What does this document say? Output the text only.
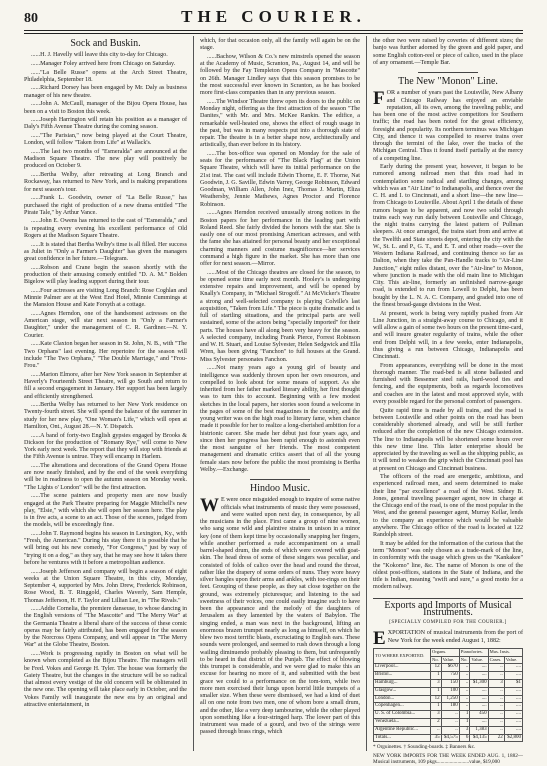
80	THE COURIER.
Sock and Buskin.

......H. J. Havelly will leave this city to-day for Chicago.

......Manager Foley arrived here from Chicago on Saturday.

......"La Belle Russe" opens at the Arch Street Theatre, Philadelphia, September 18.

......Richard Dorsey has been engaged by Mr. Daly as business manager of his new theatre.

......John A. McCaull, manager of the Bijou Opera House, has been on a visit to Boston this week.

......Joseph Harrington will retain his position as a manager of Daly's Fifth Avenue Theatre during the coming season.

......"The Parisian," now being played at the Court Theatre, London, will follow "Taken from Life" at Wallack's.

......The last two months of "Esmeralda" are announced at the Madison Square Theatre. The new play will positively be produced on October 9.

......Bertha Welby, after retreating at Long Branch and Rockaway, has returned to New York, and is making preparations for next season's tour.

......Frank L. Goodwin, owner of "La Belle Russe," has purchased the right of production of a new drama entitled "The Pirate Tale," by Arthur Vance.

......John E. Owens has returned to the cast of "Esmeralda," and is repeating every evening his excellent performance of Old Rogers at the Madison Square Theatre.

......It is stated that Bertha Welby's time is all filled. Her success as Juliet in "Only a Farmer's Daughter" has given the managers great confidence in her future.—Telegram.

......Robson and Crane begin the season shortly with the production of their amusing comedy entitled "D. A. M." Bolden Bigelow will play leading support during their tour.

......Four actresses are visiting Long Branch: Rose Coghlan and Minnie Palmer are at the West End Hotel, Minnie Cummings at the Mansion House and Kate Forsyth at a cottage.

......Agnes Herndon, one of the handsomest actresses on the American stage, will star next season in "Only a Farmer's Daughter," under the management of C. R. Gardiner.—N. Y. Courier.

......Kate Claxton began her season in St. John, N. B., with "The Two Orphans" last evening. Her repertoire for the season will include "The Two Orphans," "The Double Marriage," and "Frou-Frou."

......Marion Elmore, after her New York season in September at Haverly's Fourteenth Street Theatre, will go South and return to fill a second engagement in January. Her support has been largely and efficiently strengthened.

......Bertha Welby has returned to her New York residence on Twenty-fourth street. She will spend the balance of the summer in study for her new play, "One Woman's Life," which will open at Hamilton, Ont., August 28.—N. Y. Dispatch.

......A band of forty-two English gypsies engaged by Brooks & Dickson for the production of "Romany Rye," will come to New York early next week. The report that they will stop with friends at the Fifth Avenue is untrue. They will encamp in Harlem.

......The alterations and decorations of the Grand Opera House are now nearly finished, and by the end of the week everything will be in readiness to open the autumn season on Monday week. "The Lights o' London" will be the first attraction.

......The scene painters and property men are now busily engaged at the Park Theatre preparing for Maggie Mitchell's new play, "Elsie," with which she will open her season here. The play is in five acts, a scene to an act. Those of the scenes, judged from the models, will be exceedingly fine.

......John T. Raymond begins his season in Lexington, Ky., with "Fresh, the American." During his stay there it is possible that he will bring out his new comedy, "For Congress," just by way of "trying it on a dog," as they say, that he may see how it takes there before he ventures with it before a metropolitan audience.

......Joseph Jefferson and company will begin a season of eight weeks at the Union Square Theatre, in this city, Monday, September 4, supported by Mrs. John Drew, Frederick Robinson, Rose Wood, B. T. Ringgold, Charles Waverly, Sam Hemple, Thomas Jefferson, H. F. Taylor and Lillian Lee, in "The Rivals."

......Addie Cornelia, the premiere danseuse, to whose dancing in the English versions of "The Mascotte" and "The Merry War" at the Germania Theatre a liberal share of the success of these comic operas may be fairly attributed, has been engaged for the season by the Norcross Opera Company, and will appear in "The Merry War" at the Globe Theatre, Boston.

......Work is progressing rapidly in Boston on what will be known when completed as the Bijou Theatre. The managers will be Fred. Vokes and George H. Tyler. The house was formerly the Gaiety Theatre, but the changes in the structure will be so radical that almost every vestige of the old concern will be obliterated in the new one. The opening will take place early in October, and the Vokes Family will inaugurate the new era by an original and attractive entertainment, in

which, for that occasion only, all the family will again be on the stage.

......Bachow, Wilson & Co.'s new minstrels opened the season at the Academy of Music, Scranton, Pa., August 14, and will be followed by the Fay Templeton Opera Company in "Mascotte" on 26th. Manager Lindley says that this season promises to be the most successful ever known in Scranton, as he has booked more first-class companies than in any previous season.

......The Windsor Theatre threw open its doors to the public on Monday night, offering as the first attraction of the season "The Danites," with Mr. and Mrs. McKee Rankin. The edifice, a remarkable well-heated one, shows the effect of rough usage in the past, but was in many respects put into a thorough state of repair. The theatre is in a better shape now, architecturally and artistically, than ever before in its history.

......The box-office was opened on Monday for the sale of seats for the performance of "The Black Flag" at the Union Square Theatre, which will have its initial performance on the 21st inst. The cast will include Edwin Thorne, E. F. Thorne, Nat Goodwin, J. G. Saville, Edwin Varrey, George Robinson, Edward Goodman, William Allen, John Inez, Thomas J. Martin, Eliza Weathersby, Jennie Mathews, Agnes Proctor and Florence Robinson.

......Agnes Herndon received unusually strong notices in the Boston papers for her performance in the leading part with Roland Reed. She fairly divided the honors with the star. She is easily one of our most promising American actresses, and with the fame she has attained for personal beauty and her exceptional charming manners and costume magnificence—her services command a high figure in the market. She has more than one offer for next season.—Mirror.

......Most of the Chicago theatres are closed for the season, to be opened some time early next month. Hooley's is undergoing extensive repairs and improvement, and will be opened by Knally's Company, in "Michael Strogoff." At McVicker's Theatre a strong and well-selected company is playing Colville's last acquisition, "Taken from Life." The piece is quite dramatic and is full of startling situations, and the principal parts are well sustained, some of the actors being "specially imported" for their parts. The houses have all along been very heavy for the season. A selected company, including Frank Pierce, Forrest Robinson and W. H. Stuart, and Louise Sylvester, Helen Sedgwick and Ella Wren, has been giving "Fanchon" to full houses at the Grand. Miss Sylvester personates Fanchon.

......Not many years ago a young girl of beauty and intelligence was suddenly thrown upon her own resources, and compelled to look about for some means of support. As she inherited from her father marked literary ability, her first thought was to turn this to account. Beginning with a few modest sketches in the local papers, her stories soon found a welcome in the pages of some of the best magazines in the country, and the young writer was on the high road to literary fame, when chance made it possible for her to realize a long-cherished ambition for a histrionic career. She made her début just four years ago, and since then her progress has been rapid enough to astonish even the most sanguine of her friends. The most competent management and dramatic critics assert that of all the young female stars now before the public the most promising is Bertha Welby.—Exchange.

Hindoo Music.

W E were once misguided enough to inquire of some native officials what instruments of music they were possessed, and were waited upon next day, in consequence, by all the musicians in the place. First came a group of nine women, who sang some wild and plaintive strains in unison in a minor key (one of them kept time by occasionally snapping her fingers, while another performed a rude accompaniment on a small barrel-shaped drum, the ends of which were covered with goat-skin. The head dress of some of these singers was peculiar, and consisted of folds of calico over the head and round the throat, rather like the drapery of some orders of nuns. They wore heavy silver bangles upon their arms and ankles, with toe-rings on their feet. Grouping of these people, as they sat close together on the ground, was extremely picturesque; and listening to the sad sweetness of their voices, one could easily imagine such to have been the appearance and the melody of the daughters of Jerusalem as they lamented by the waters of Babylon. The singing ended, a man was next in the background, lifting an enormous brazen trumpet nearly as long as himself, on which he blew two most terrific blasts, excruciating to English ears. These sounds were prolonged, and seemed to rush down through a long wailing diminuendo probably pleasing to them, but unfrequently to be heard in that district of the Punjab. The effect of blowing this trumpet is considerable, and we were glad to make this an excuse for hearing no more of it, and submitted with the best grace we could to a performance on the tom-tom, while two more men exercised their lungs upon horrid little trumpets of a smaller size. When these were dismissed, we had a kind of duet all on one note from two men, one of whom bore a small drum, and the other, like a very deep tambourine, while the other played upon something like a four-stringed harp. The lower part of this instrument was made of a gourd, and two of the strings were passed through brass rings, which

the other two were raised by coveries of different sizes; the banjo was further adorned by the green and gold paper, and some English cotton-reel or piece of calico, used in the place of any ornament.—Temple Bar.

The New "Monon" Line.

FOR a number of years past the Louisville, New Albany and Chicago Railway has enjoyed an enviable reputation, all its own, among the traveling public, and has been one of the most active competitors for Southern traffic; the road has been noted for the great efficiency, foresight and popularity. Its northern terminus was Michigan City, and thence it was compelled to reserve trains over through the termini of the lake, over the tracks of the Michigan Central. Thus it found itself partially at the mercy of a competing line.

Early during the present year, however, it began to be rumored among railroad men that this road had in contemplation some radical and startling changes, among which was an "Air Line" to Indianapolis, and thence over the C. H. and I. to Cincinnati, and a short line—the new line—from Chicago to Louisville. About April 1 the details of these rumors began to be apparent, and now two solid through trains each way run daily between Louisville and Chicago, the night trains carrying the latest pattern of Pullman sleepers. At once arranged, the trains start from and arrive at the Twelfth and State streets depot, entering the city with the W., St. L. and P., G. T., and E. T. and other roads—over the Western Indiana Railroad, and continuing thence so far as Dalton, when they take the Pan-Handle tracks to "Air-Line Junction," eight miles distant, over the "Air-line" to Monon, where junction is made with the old main line to Michigan City. This air-line, formerly an unfinished narrow-gauge road, is extended to run from Lowell to Delphi, has been bought by the L. N. A. C. Company, and graded into one of the finest broad-gauge divisions in the West.

At present, work is being very rapidly pushed from Air Line Junction, in a straight-away course to Chicago, and it will allow a gain of some two hours on the present time-card, and will insure greater regularity of trains, while the other end from Delphi will, in a few weeks, enter Indianapolis, thus giving a run between Chicago, Indianapolis and Cincinnati.

From appearances, everything will be done in the most thorough manner. The road-bed is all stone ballasted and furnished with Bessemer steel rails, hard-wood ties and fencing, and the equipments, both as regards locomotives and coaches are in the latest and most approved style, with every possible regard for the personal comfort of passengers.

Quite rapid time is made by all trains, and the road is between Louisville and other points on the road has been considerably shortened already, and will be still further reduced after the completion of the new Chicago extension. The line to Indianapolis will be shortened some hours over this new time line. This latter enterprise should be appreciated by the traveling as well as the shipping public, as it will tend to weaken the grip which the Cincinnati pool has at present on Chicago and Cincinnati business.

The officers of the road are energetic, ambitious, and experienced railroad men, and seem determined to make their line "par excellence" a road of the West. Sidney B. Jones, general traveling passenger agent, now in charge at the Chicago end of the road, is one of the most popular in the West, and the general passenger agent, Murray Kellar, lends to the company an experience which would be valuable anywhere. The Chicago office of the road is located at 122 Randolph street.

It may be added for the information of the curious that the term "Monon" was only chosen as a trade-mark of the line, in conformity with the usage which gives us the "Kankakee" the "Kokomo" line, &c. The name of Monon is one of the oldest post-offices, stations in the State of Indiana, and the title is Indian, meaning "swift and sure," a good motto for a modern railway.

Exports and Imports of Musical Instruments.
[SPECIALLY COMPILED FOR THE COURIER.]

EXPORTATION of musical instruments from the port of New York for the week ended August 1, 1882:

TO WHERE EXPORTED.	Organs.		Pianofortes.		Mus. Insts.	
	No.	Value.	No.	Value.	Cases.	Value.
Liverpool...	12	$670	..	....	..	....
Bristol...	1	750	..	....	..	....
Hamburg...	3	150	..	$1,300	3	$1
Glasgow...	1	100	..	....	..	....
London...	12	1,250	..	....	..	....
Copenhagen...	1	180	..	....	..	....
U. S. of Colombia...	3	..	1	450	..	....
Venezuela...	2	..	1	....	..	....
Argentine Republic...	..	..	3	1,383	..	....
Totals...	35	$4,575	6	$4,135	22	$2,800
* Orguinettes. † Sounding-boards. ‡ Banners &c.
NEW YORK IMPORTS FOR THE WEEK ENDED AUG. 1, 1882—Musical instruments, 109 pkgs.........................value, $19,000
